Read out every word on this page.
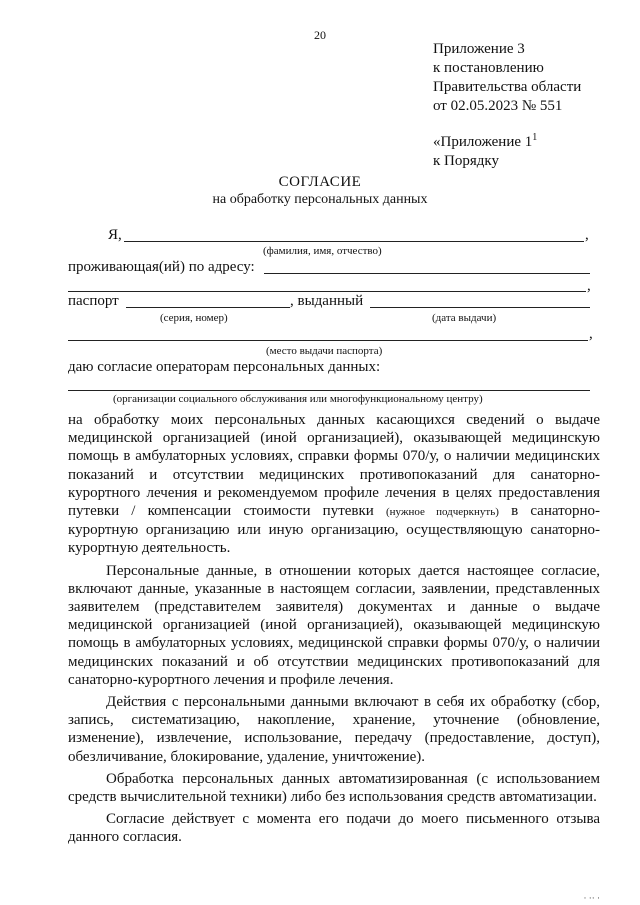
20
Приложение 3
к постановлению
Правительства области
от 02.05.2023 № 551
«Приложение $1^1$
к Порядку
СОГЛАСИЕ
на обработку персональных данных
Я,	,
(фамилия, имя, отчество)
проживающая(ий) по адресу:
,
паспорт	, выданный
(серия, номер)	(дата выдачи)
,
(место выдачи паспорта)
даю согласие операторам персональных данных:
(организации социального обслуживания или многофункциональному центру)

на обработку моих персональных данных касающихся сведений о выдаче медицинской организацией (иной организацией), оказывающей медицинскую помощь в амбулаторных условиях, справки формы 070/у, о наличии медицинских показаний и отсутствии медицинских противопоказаний для санаторно-курортного лечения и рекомендуемом профиле лечения в целях предоставления путевки / компенсации стоимости путевки (нужное подчеркнуть) в санаторно-курортную организацию или иную организацию, осуществляющую санаторно-курортную деятельность.

Персональные данные, в отношении которых дается настоящее согласие, включают данные, указанные в настоящем согласии, заявлении, представленных заявителем (представителем заявителя) документах и данные о выдаче медицинской организацией (иной организацией), оказывающей медицинскую помощь в амбулаторных условиях, медицинской справки формы 070/у, о наличии медицинских показаний и об отсутствии медицинских противопоказаний для санаторно-курортного лечения и профиле лечения.

Действия с персональными данными включают в себя их обработку (сбор, запись, систематизацию, накопление, хранение, уточнение (обновление, изменение), извлечение, использование, передачу (предоставление, доступ), обезличивание, блокирование, удаление, уничтожение).

Обработка персональных данных автоматизированная (с использованием средств вычислительной техники) либо без использования средств автоматизации.

Согласие действует с момента его подачи до моего письменного отзыва данного согласия.

· ·· ·
